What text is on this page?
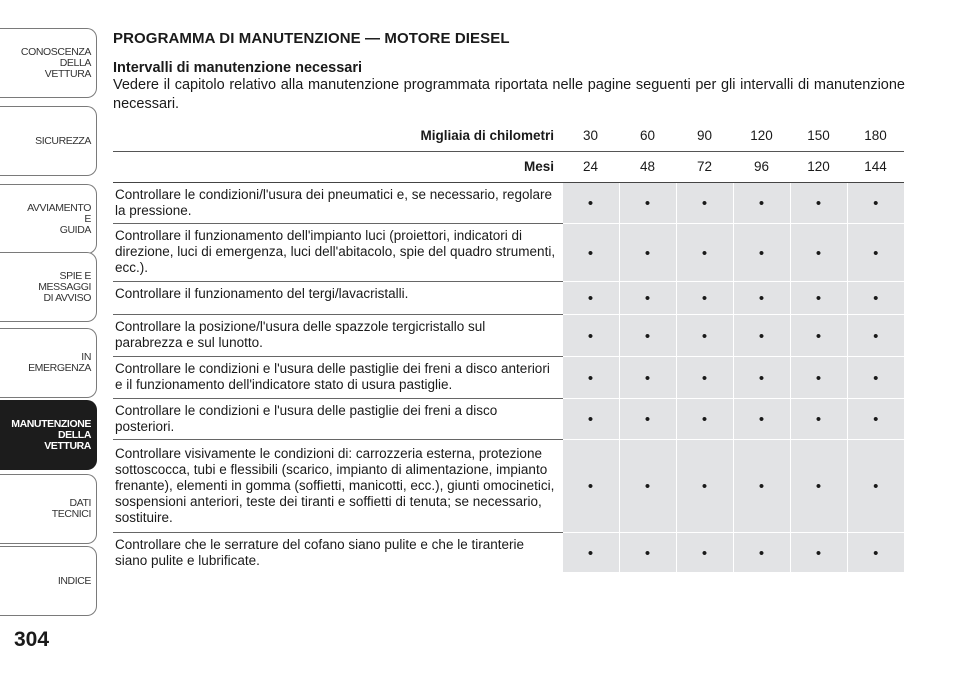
CONOSCENZA
DELLA
VETTURA
SICUREZZA
AVVIAMENTO
E
GUIDA
SPIE E
MESSAGGI
DI AVVISO
IN
EMERGENZA
MANUTENZIONE
DELLA
VETTURA
DATI
TECNICI
INDICE
304
PROGRAMMA DI MANUTENZIONE — MOTORE DIESEL
Intervalli di manutenzione necessari
Vedere il capitolo relativo alla manutenzione programmata riportata nelle pagine seguenti per gli intervalli di manutenzione necessari.
Migliaia di chilometri	30	60	90	120	150	180
Mesi	24	48	72	96	120	144
Controllare le condizioni/l'usura dei pneumatici e, se necessario, regolare la pressione.	•	•	•	•	•	•
Controllare il funzionamento dell'impianto luci (proiettori, indicatori di direzione, luci di emergenza, luci dell'abitacolo, spie del quadro strumenti, ecc.).	•	•	•	•	•	•
Controllare il funzionamento del tergi/lavacristalli.	•	•	•	•	•	•
Controllare la posizione/l'usura delle spazzole tergicristallo sul parabrezza e sul lunotto.	•	•	•	•	•	•
Controllare le condizioni e l'usura delle pastiglie dei freni a disco anteriori e il funzionamento dell'indicatore stato di usura pastiglie.	•	•	•	•	•	•
Controllare le condizioni e l'usura delle pastiglie dei freni a disco posteriori.	•	•	•	•	•	•
Controllare visivamente le condizioni di: carrozzeria esterna, protezione sottoscocca, tubi e flessibili (scarico, impianto di alimentazione, impianto frenante), elementi in gomma (soffietti, manicotti, ecc.), giunti omocinetici, sospensioni anteriori, teste dei tiranti e soffietti di tenuta; se necessario, sostituire.	•	•	•	•	•	•
Controllare che le serrature del cofano siano pulite e che le tiranterie siano pulite e lubrificate.	•	•	•	•	•	•
